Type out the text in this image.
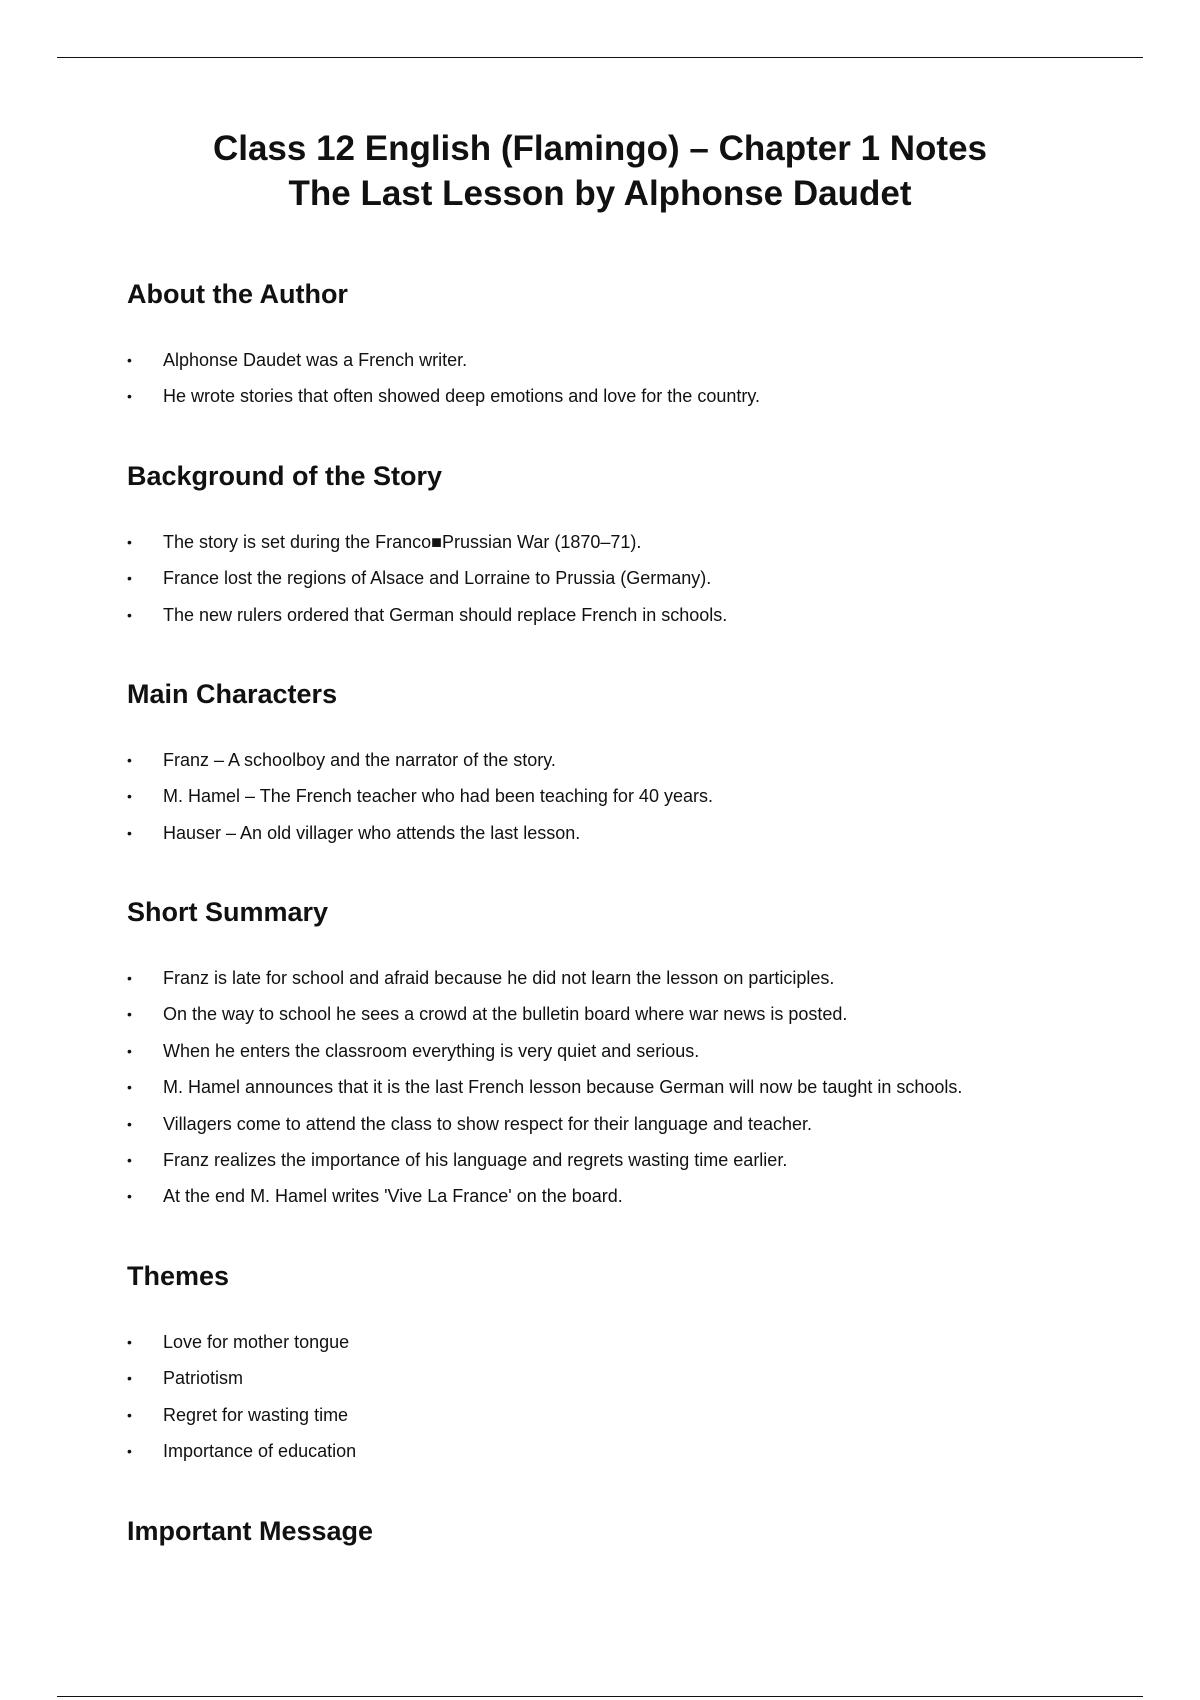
Class 12 English (Flamingo) – Chapter 1 Notes
The Last Lesson by Alphonse Daudet
About the Author
• Alphonse Daudet was a French writer.
• He wrote stories that often showed deep emotions and love for the country.
Background of the Story
• The story is set during the Franco■Prussian War (1870–71).
• France lost the regions of Alsace and Lorraine to Prussia (Germany).
• The new rulers ordered that German should replace French in schools.
Main Characters
• Franz – A schoolboy and the narrator of the story.
• M. Hamel – The French teacher who had been teaching for 40 years.
• Hauser – An old villager who attends the last lesson.
Short Summary
• Franz is late for school and afraid because he did not learn the lesson on participles.
• On the way to school he sees a crowd at the bulletin board where war news is posted.
• When he enters the classroom everything is very quiet and serious.
• M. Hamel announces that it is the last French lesson because German will now be taught in schools.
• Villagers come to attend the class to show respect for their language and teacher.
• Franz realizes the importance of his language and regrets wasting time earlier.
• At the end M. Hamel writes 'Vive La France' on the board.
Themes
• Love for mother tongue
• Patriotism
• Regret for wasting time
• Importance of education
Important Message
